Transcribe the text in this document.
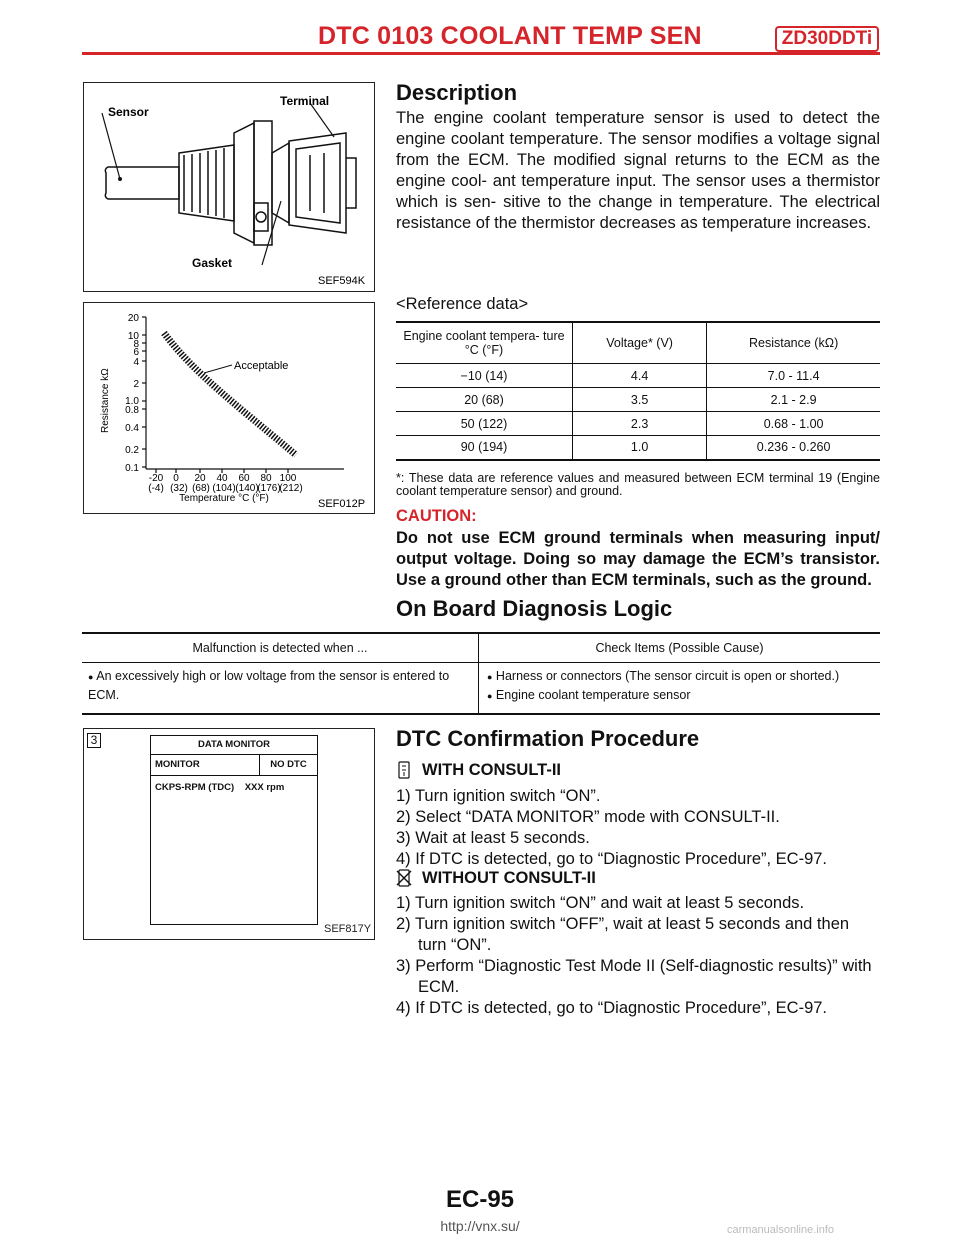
DTC 0103 COOLANT TEMP SEN	ZD30DDTi
Sensor
Terminal
Gasket
SEF594K
Description
The engine coolant temperature sensor is used to detect the engine coolant temperature. The sensor modifies a voltage signal from the ECM. The modified signal returns to the ECM as the engine cool- ant temperature input. The sensor uses a thermistor which is sen- sitive to the change in temperature. The electrical resistance of the thermistor decreases as temperature increases.
Acceptable
20
10
8
6
4
2
1.0
0.8
0.4
0.2
0.1
Resistance kΩ
-20 0 20 40 60 80 100
(-4) (32) (68) (104) (140)
(176)
(212)
Temperature °C (°F)	SEF012P
<Reference data>
Engine coolant tempera- ture °C (°F)	Voltage* (V)	Resistance (kΩ)
−10 (14)	4.4	7.0 - 11.4
20 (68)	3.5	2.1 - 2.9
50 (122)	2.3	0.68 - 1.00
90 (194)	1.0	0.236 - 0.260
*: These data are reference values and measured between ECM terminal 19 (Engine coolant temperature sensor) and ground.
CAUTION:
Do not use ECM ground terminals when measuring input/ output voltage. Doing so may damage the ECM’s transistor. Use a ground other than ECM terminals, such as the ground.
On Board Diagnosis Logic
Malfunction is detected when ...	Check Items (Possible Cause)
● An excessively high or low voltage from the sensor is entered to ECM.
● Harness or connectors (The sensor circuit is open or shorted.)
● Engine coolant temperature sensor
3	DATA MONITOR
MONITOR	NO DTC
CKPS-RPM (TDC)    XXX rpm
SEF817Y
DTC Confirmation Procedure
WITH CONSULT-II
1) Turn ignition switch “ON”.
2) Select “DATA MONITOR” mode with CONSULT-II.
3) Wait at least 5 seconds.
4) If DTC is detected, go to “Diagnostic Procedure”, EC-97.
WITHOUT CONSULT-II
1) Turn ignition switch “ON” and wait at least 5 seconds.
2) Turn ignition switch “OFF”, wait at least 5 seconds and then turn “ON”.
3) Perform “Diagnostic Test Mode II (Self-diagnostic results)” with ECM.
4) If DTC is detected, go to “Diagnostic Procedure”, EC-97.
EC-95
http://vnx.su/	carmanualsonline.info
